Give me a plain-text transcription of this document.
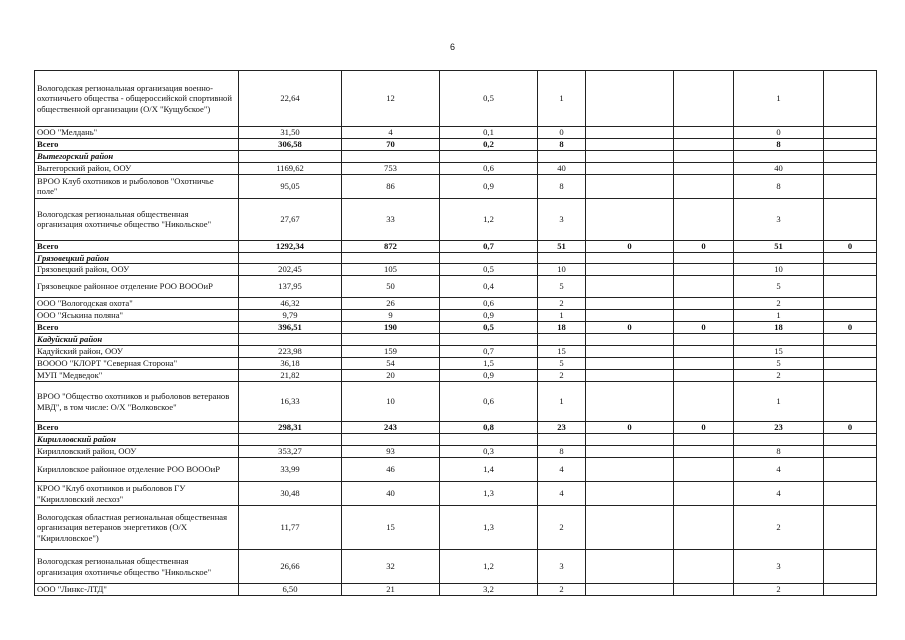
6
Вологодская региональная организация военно-охотничьего общества - общероссийской спортивной общественной организации (О/Х "Кущубское")	22,64	12	0,5	1			1	
ООО "Мелдань"	31,50	4	0,1	0			0	
Всего	306,58	70	0,2	8			8	
Вытегорский район								
Вытегорский район, ООУ	1169,62	753	0,6	40			40	
ВРОО Клуб охотников и рыболовов "Охотничье поле"	95,05	86	0,9	8			8	
Вологодская региональная общественная организация охотничье общество "Никольское"	27,67	33	1,2	3			3	
Всего	1292,34	872	0,7	51	0	0	51	0
Грязовецкий район								
Грязовецкий район, ООУ	202,45	105	0,5	10			10	
Грязовецкое районное отделение РОО ВОООиР	137,95	50	0,4	5			5	
ООО "Вологодская охота"	46,32	26	0,6	2			2	
ООО "Яськина поляна"	9,79	9	0,9	1			1	
Всего	396,51	190	0,5	18	0	0	18	0
Кадуйский район								
Кадуйский район, ООУ	223,98	159	0,7	15			15	
ВОООО "КЛОРТ "Северная Сторона"	36,18	54	1,5	5			5	
МУП "Медведок"	21,82	20	0,9	2			2	
ВРОО "Общество охотников и рыболовов ветеранов МВД", в том числе: О/Х "Волковское"	16,33	10	0,6	1			1	
Всего	298,31	243	0,8	23	0	0	23	0
Кирилловский район								
Кирилловский район, ООУ	353,27	93	0,3	8			8	
Кирилловское районное отделение РОО ВОООиР	33,99	46	1,4	4			4	
КРОО "Клуб охотников и рыболовов ГУ "Кирилловский лесхоз"	30,48	40	1,3	4			4	
Вологодская областная региональная общественная организация ветеранов энергетиков (О/Х "Кирилловское")	11,77	15	1,3	2			2	
Вологодская региональная общественная организация охотничье общество "Никольское"	26,66	32	1,2	3			3	
ООО "Линкс-ЛТД"	6,50	21	3,2	2			2	
